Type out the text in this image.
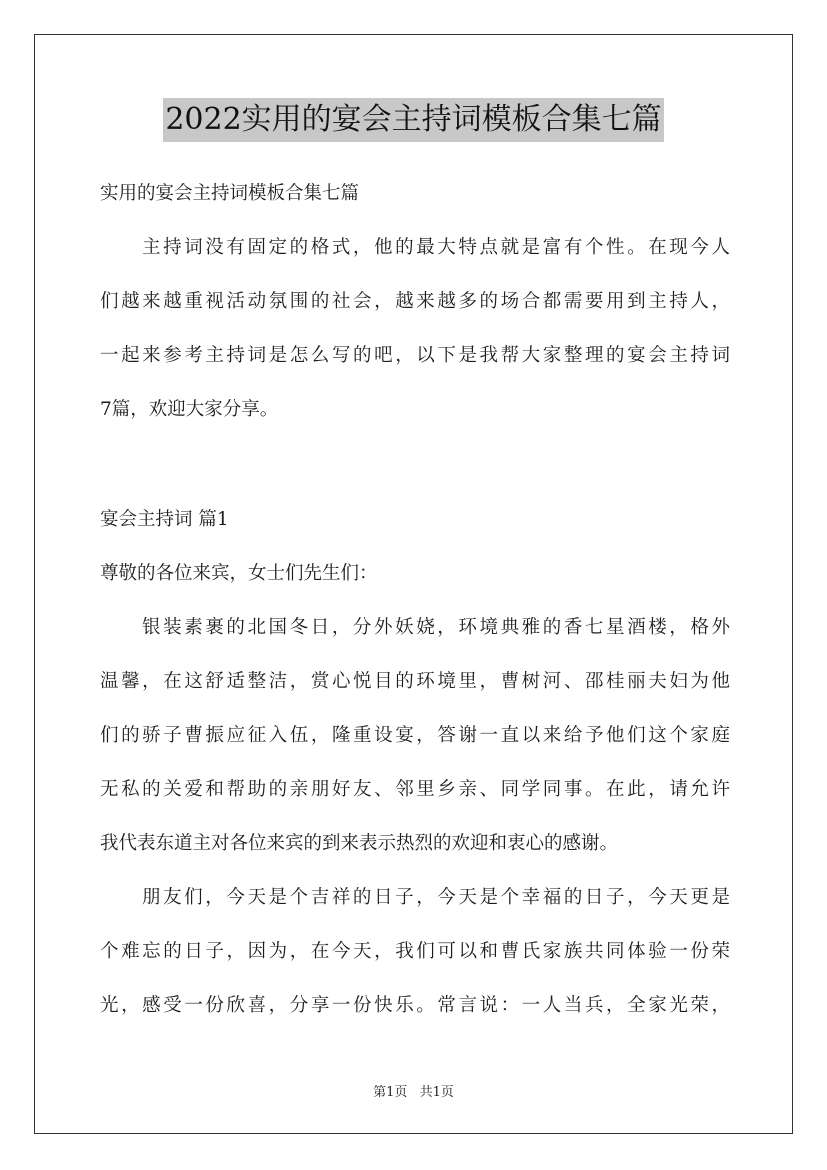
2022实用的宴会主持词模板合集七篇
实用的宴会主持词模板合集七篇
主持词没有固定的格式，他的最大特点就是富有个性。在现今人
们越来越重视活动氛围的社会，越来越多的场合都需要用到主持人，
一起来参考主持词是怎么写的吧，以下是我帮大家整理的宴会主持词
7篇，欢迎大家分享。
宴会主持词 篇1
尊敬的各位来宾，女士们先生们：
银装素裹的北国冬日，分外妖娆，环境典雅的香七星酒楼，格外
温馨，在这舒适整洁，赏心悦目的环境里，曹树河、邵桂丽夫妇为他
们的骄子曹振应征入伍，隆重设宴，答谢一直以来给予他们这个家庭
无私的关爱和帮助的亲朋好友、邻里乡亲、同学同事。在此，请允许
我代表东道主对各位来宾的到来表示热烈的欢迎和衷心的感谢。
朋友们，今天是个吉祥的日子，今天是个幸福的日子，今天更是
个难忘的日子，因为，在今天，我们可以和曹氏家族共同体验一份荣
光，感受一份欣喜，分享一份快乐。常言说：一人当兵，全家光荣，
第1页 共1页
